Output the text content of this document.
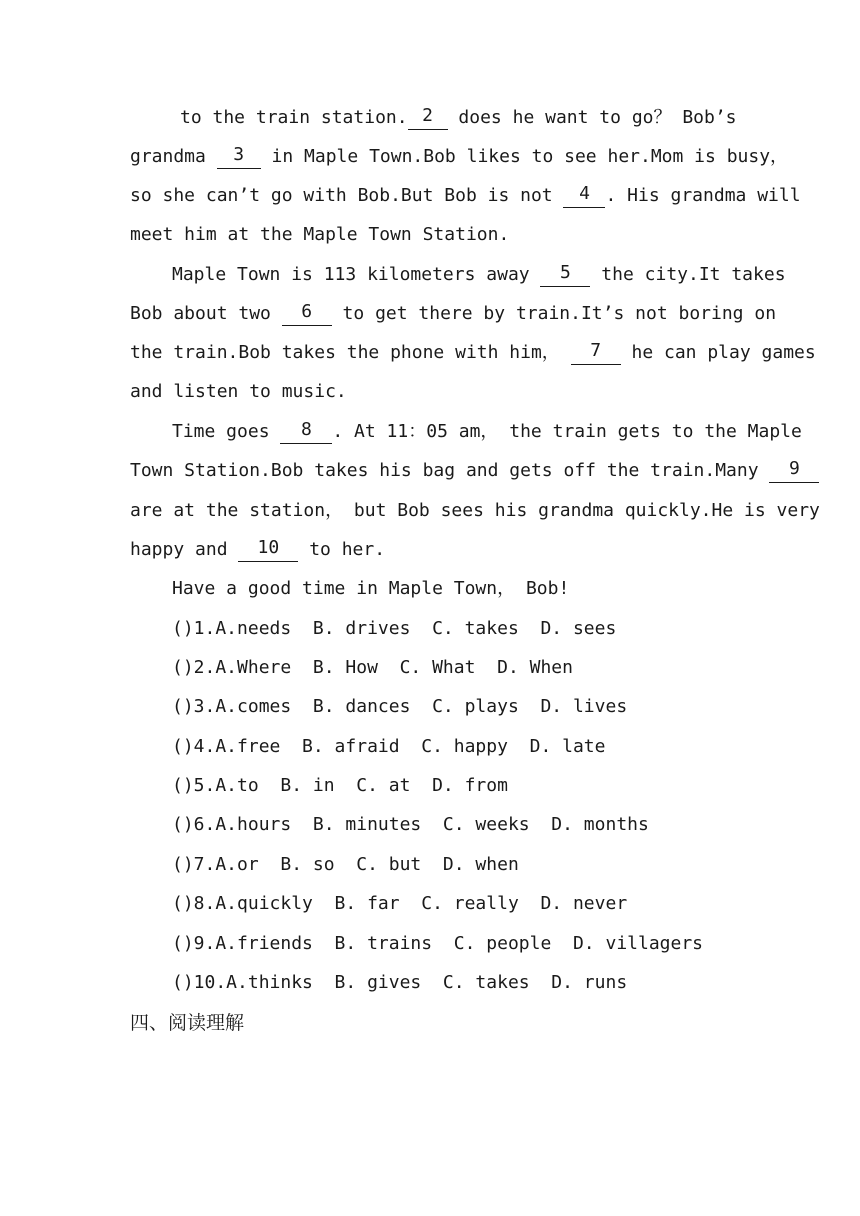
to the train station. 2 does he want to go？ Bob’s
grandma 3 in Maple Town.Bob likes to see her.Mom is busy，
so she can’t go with Bob.But Bob is not 4 . His grandma will
meet him at the Maple Town Station.
Maple Town is 113 kilometers away 5 the city.It takes
Bob about two 6 to get there by train.It’s not boring on
the train.Bob takes the phone with him， 7 he can play games
and listen to music.
Time goes 8 . At 11：05 am， the train gets to the Maple
Town Station.Bob takes his bag and gets off the train.Many 9
are at the station， but Bob sees his grandma quickly.He is very
happy and 10 to her.
Have a good time in Maple Town， Bob!
()1.A.needs  B. drives  C. takes  D. sees
()2.A.Where  B. How  C. What  D. When
()3.A.comes  B. dances  C. plays  D. lives
()4.A.free  B. afraid  C. happy  D. late
()5.A.to  B. in  C. at  D. from
()6.A.hours  B. minutes  C. weeks  D. months
()7.A.or  B. so  C. but  D. when
()8.A.quickly  B. far  C. really  D. never
()9.A.friends  B. trains  C. people  D. villagers
()10.A.thinks  B. gives  C. takes  D. runs
四、阅读理解
